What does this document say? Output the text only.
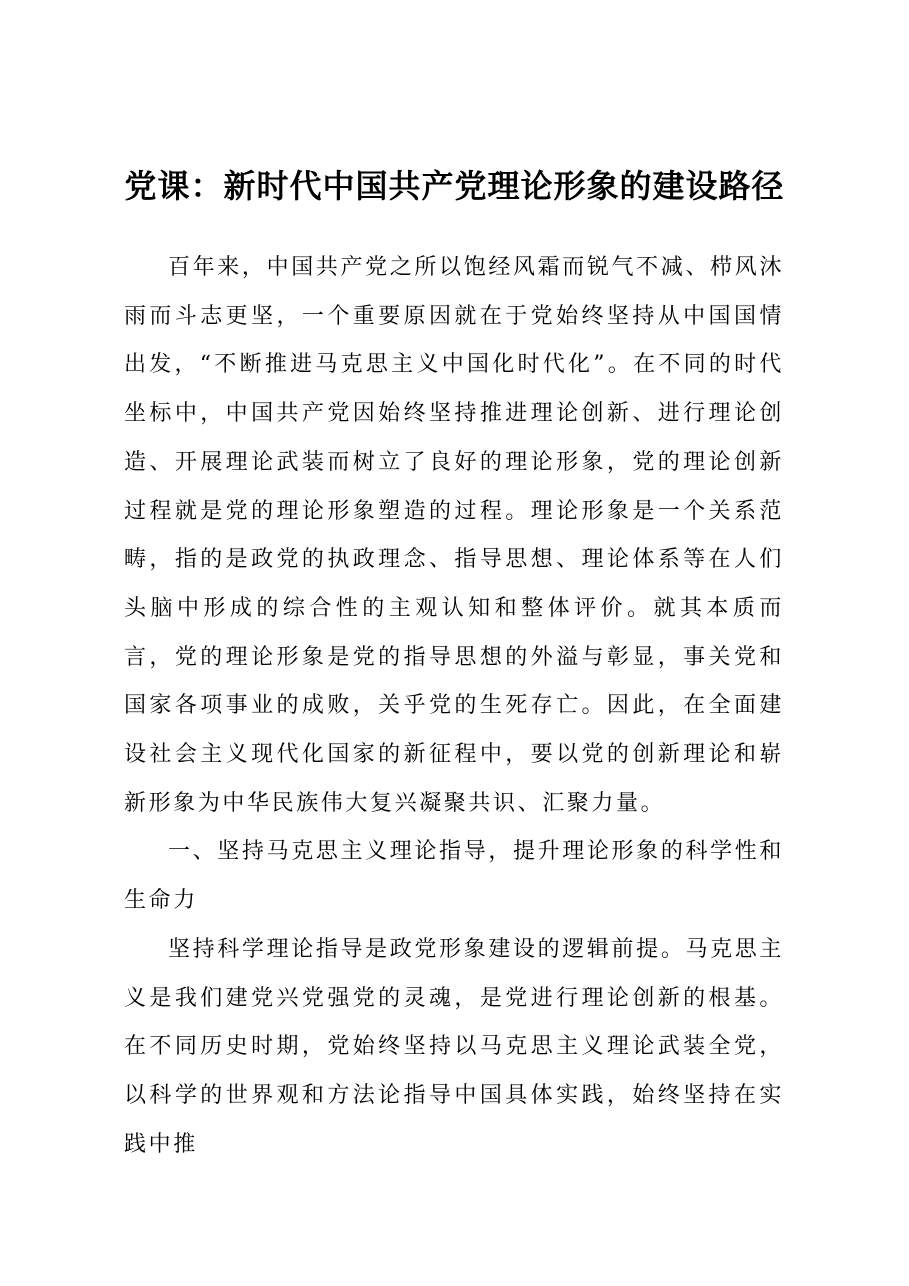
党课：新时代中国共产党理论形象的建设路径

百年来，中国共产党之所以饱经风霜而锐气不减、栉风沐雨而斗志更坚，一个重要原因就在于党始终坚持从中国国情出发，“不断推进马克思主义中国化时代化”。在不同的时代坐标中，中国共产党因始终坚持推进理论创新、进行理论创造、开展理论武装而树立了良好的理论形象，党的理论创新过程就是党的理论形象塑造的过程。理论形象是一个关系范畴，指的是政党的执政理念、指导思想、理论体系等在人们头脑中形成的综合性的主观认知和整体评价。就其本质而言，党的理论形象是党的指导思想的外溢与彰显，事关党和国家各项事业的成败，关乎党的生死存亡。因此，在全面建设社会主义现代化国家的新征程中，要以党的创新理论和崭新形象为中华民族伟大复兴凝聚共识、汇聚力量。

一、坚持马克思主义理论指导，提升理论形象的科学性和生命力

坚持科学理论指导是政党形象建设的逻辑前提。马克思主义是我们建党兴党强党的灵魂，是党进行理论创新的根基。在不同历史时期，党始终坚持以马克思主义理论武装全党，以科学的世界观和方法论指导中国具体实践，始终坚持在实践中推
